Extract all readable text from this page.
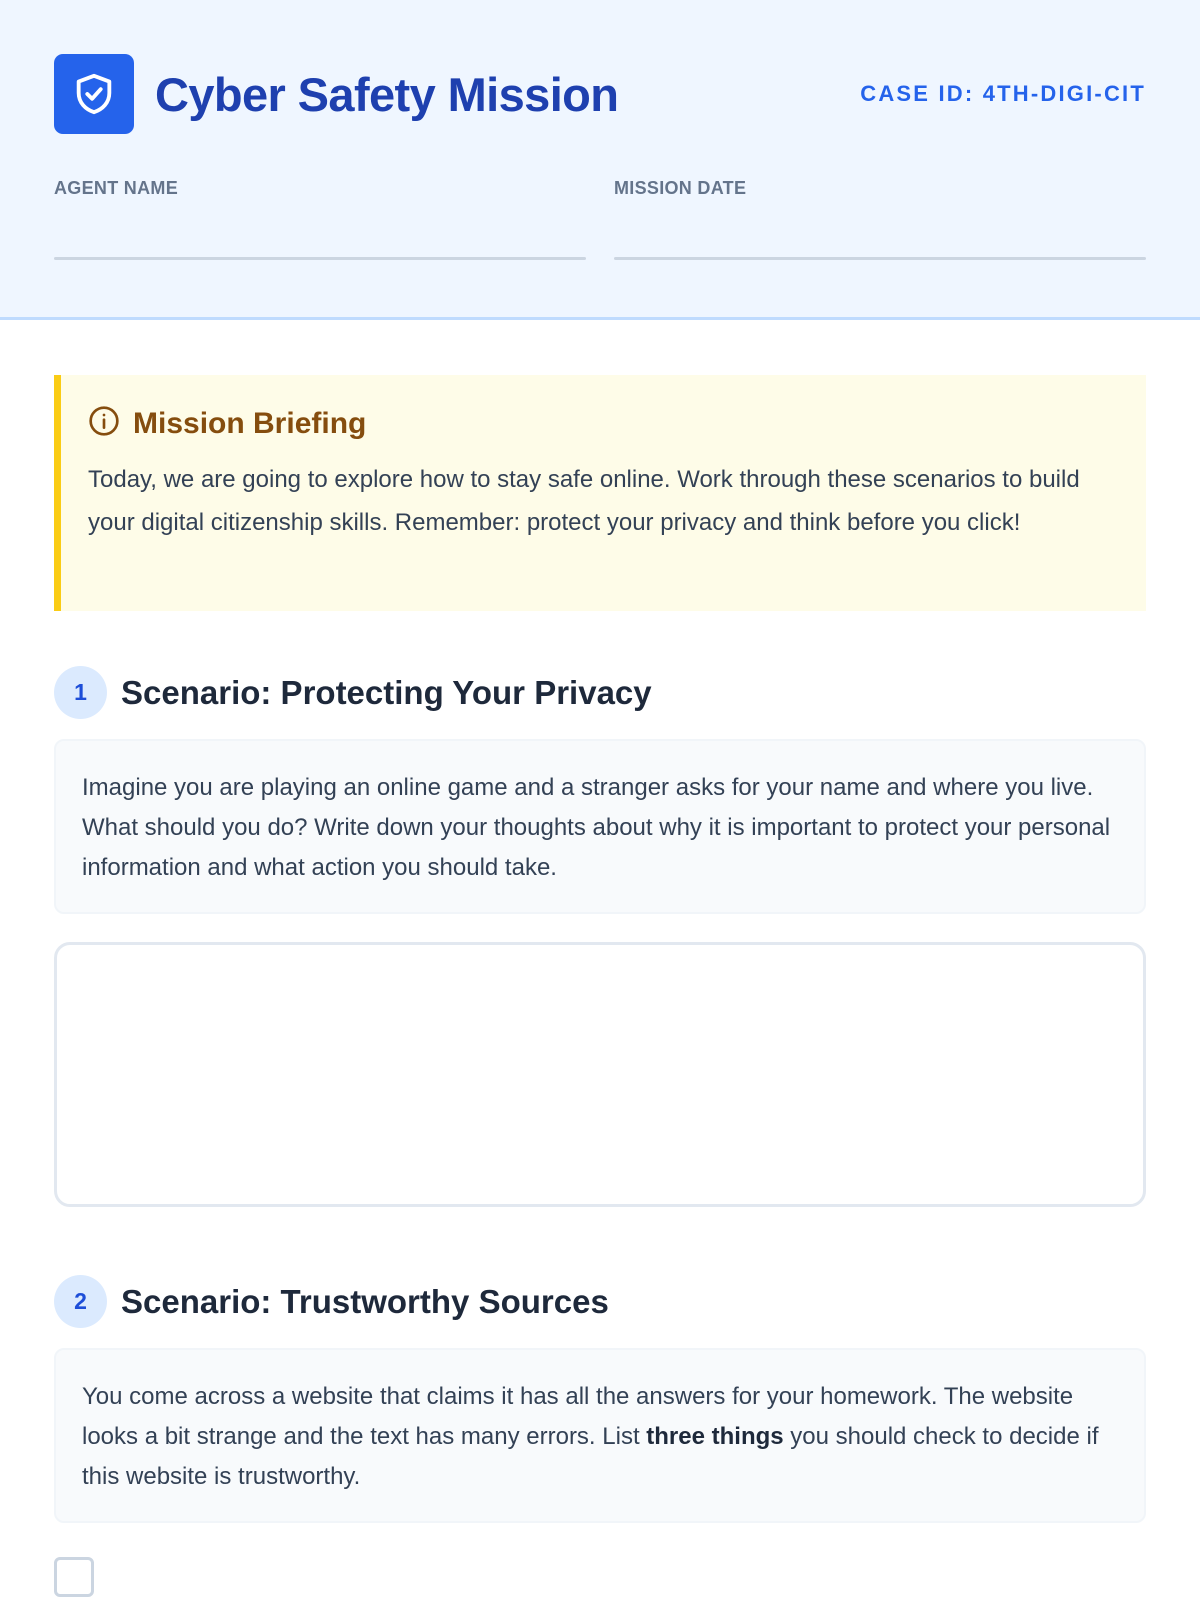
Cyber Safety Mission	CASE ID: 4TH-DIGI-CIT
AGENT NAME	MISSION DATE
Mission Briefing

Today, we are going to explore how to stay safe online. Work through these scenarios to build your digital citizenship skills. Remember: protect your privacy and think before you click!

1	Scenario: Protecting Your Privacy
Imagine you are playing an online game and a stranger asks for your name and where you live. What should you do? Write down your thoughts about why it is important to protect your personal information and what action you should take.
2	Scenario: Trustworthy Sources
You come across a website that claims it has all the answers for your homework. The website looks a bit strange and the text has many errors. List three things you should check to decide if this website is trustworthy.
